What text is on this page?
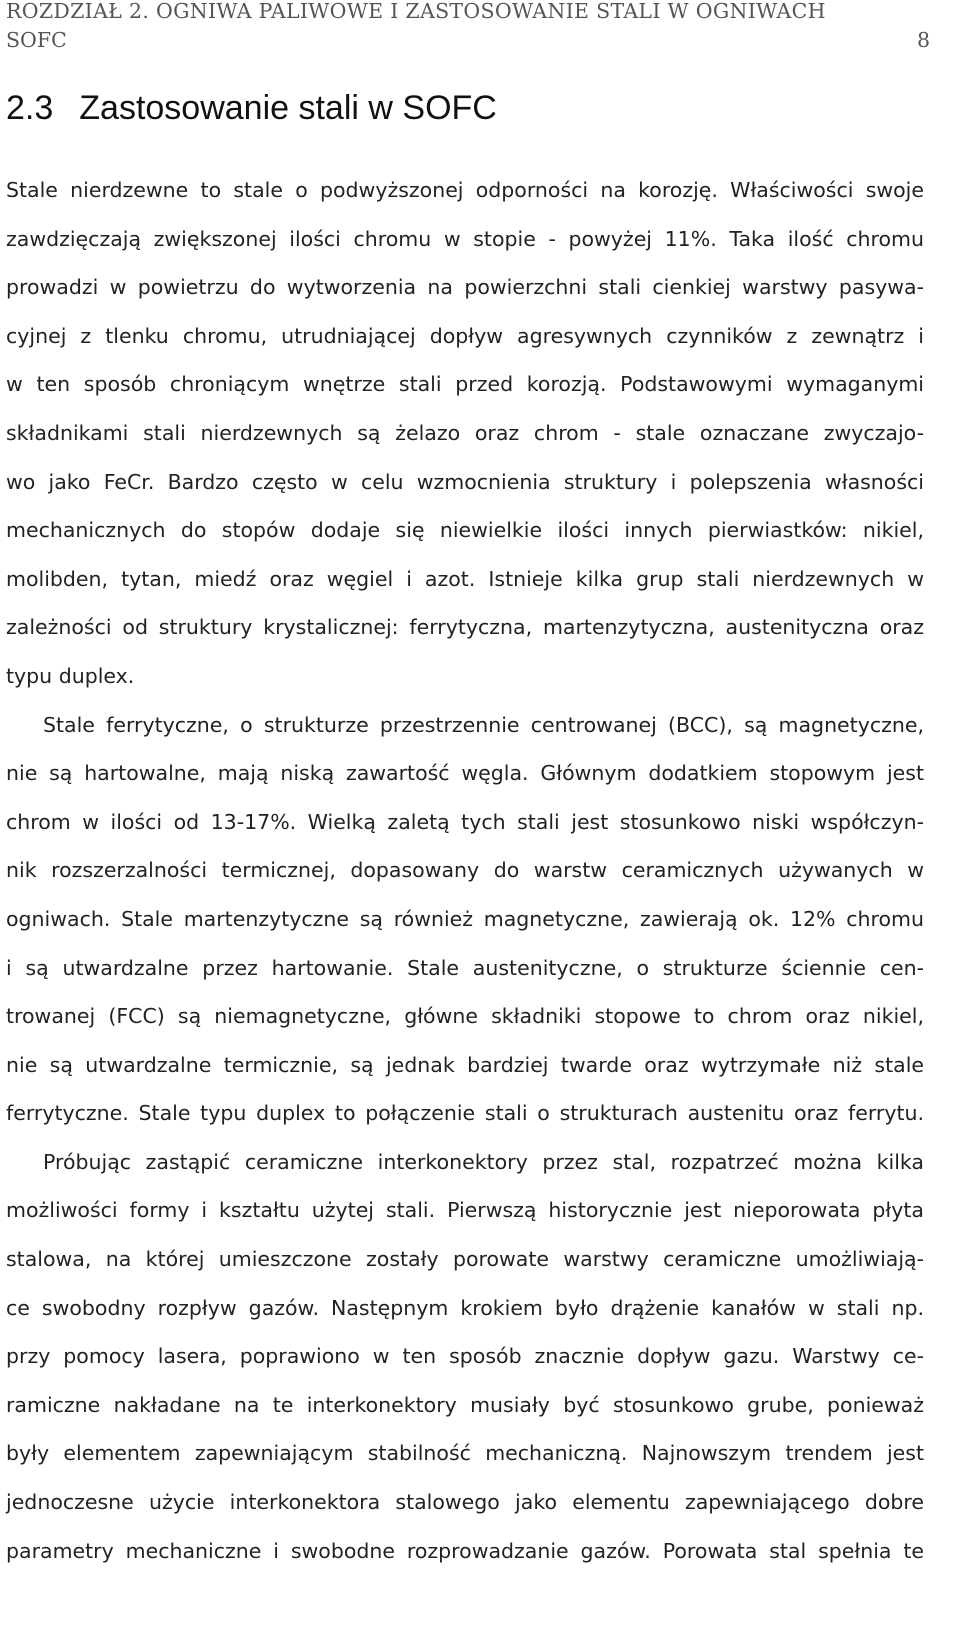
ROZDZIAŁ 2. OGNIWA PALIWOWE I ZASTOSOWANIE STALI W OGNIWACH
SOFC	8
2.3 Zastosowanie stali w SOFC
Stale nierdzewne to stale o podwyższonej odporności na korozję. Właściwości swoje
zawdzięczają zwiększonej ilości chromu w stopie - powyżej 11%. Taka ilość chromu
prowadzi w powietrzu do wytworzenia na powierzchni stali cienkiej warstwy pasywa-
cyjnej z tlenku chromu, utrudniającej dopływ agresywnych czynników z zewnątrz i
w ten sposób chroniącym wnętrze stali przed korozją. Podstawowymi wymaganymi
składnikami stali nierdzewnych są żelazo oraz chrom - stale oznaczane zwyczajo-
wo jako FeCr. Bardzo często w celu wzmocnienia struktury i polepszenia własności
mechanicznych do stopów dodaje się niewielkie ilości innych pierwiastków: nikiel,
molibden, tytan, miedź oraz węgiel i azot. Istnieje kilka grup stali nierdzewnych w
zależności od struktury krystalicznej: ferrytyczna, martenzytyczna, austenityczna oraz
typu duplex.
Stale ferrytyczne, o strukturze przestrzennie centrowanej (BCC), są magnetyczne,
nie są hartowalne, mają niską zawartość węgla. Głównym dodatkiem stopowym jest
chrom w ilości od 13-17%. Wielką zaletą tych stali jest stosunkowo niski współczyn-
nik rozszerzalności termicznej, dopasowany do warstw ceramicznych używanych w
ogniwach. Stale martenzytyczne są również magnetyczne, zawierają ok. 12% chromu
i są utwardzalne przez hartowanie. Stale austenityczne, o strukturze ściennie cen-
trowanej (FCC) są niemagnetyczne, główne składniki stopowe to chrom oraz nikiel,
nie są utwardzalne termicznie, są jednak bardziej twarde oraz wytrzymałe niż stale
ferrytyczne. Stale typu duplex to połączenie stali o strukturach austenitu oraz ferrytu.
Próbując zastąpić ceramiczne interkonektory przez stal, rozpatrzeć można kilka
możliwości formy i kształtu użytej stali. Pierwszą historycznie jest nieporowata płyta
stalowa, na której umieszczone zostały porowate warstwy ceramiczne umożliwiają-
ce swobodny rozpływ gazów. Następnym krokiem było drążenie kanałów w stali np.
przy pomocy lasera, poprawiono w ten sposób znacznie dopływ gazu. Warstwy ce-
ramiczne nakładane na te interkonektory musiały być stosunkowo grube, ponieważ
były elementem zapewniającym stabilność mechaniczną. Najnowszym trendem jest
jednoczesne użycie interkonektora stalowego jako elementu zapewniającego dobre
parametry mechaniczne i swobodne rozprowadzanie gazów. Porowata stal spełnia te
